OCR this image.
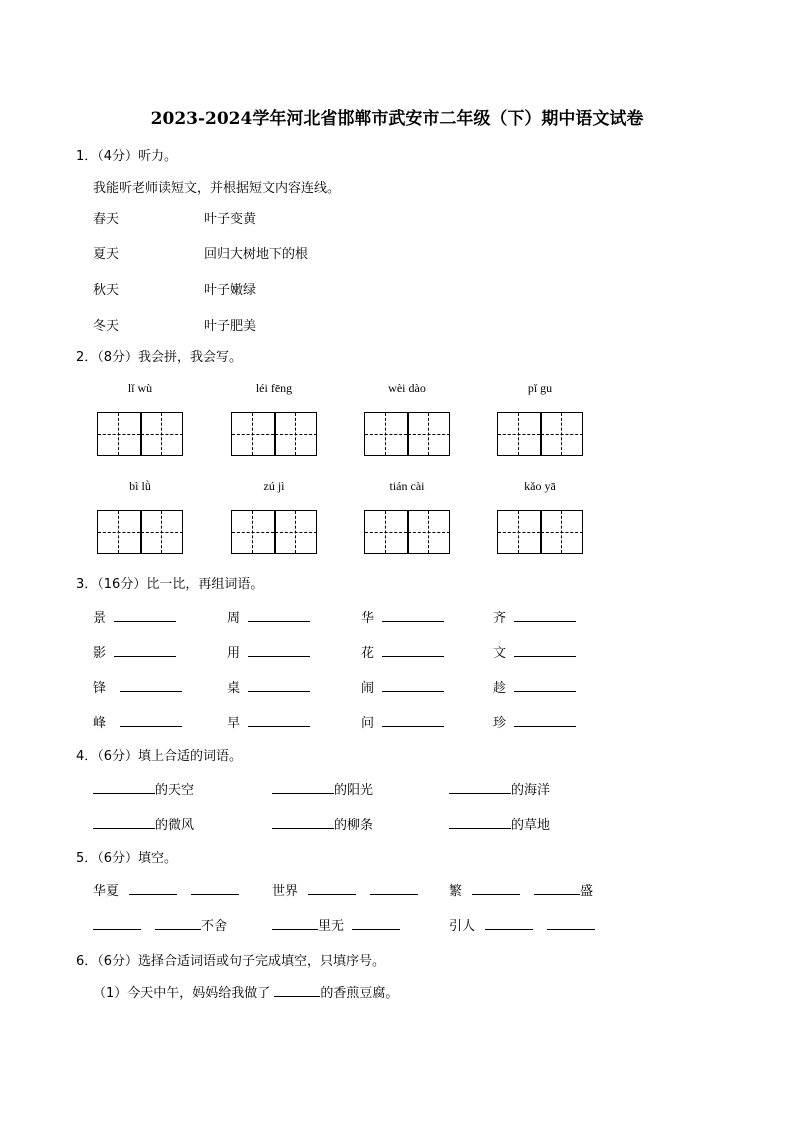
2023-2024学年河北省邯郸市武安市二年级（下）期中语文试卷
1．（4分）听力。
我能听老师读短文，并根据短文内容连线。
春天	叶子变黄
夏天	回归大树地下的根
秋天	叶子嫩绿
冬天	叶子肥美
2．（8分）我会拼，我会写。
lǐ wù	léi fēng	wèi dào	pǐ gu
bì lǜ	zú jì	tián cài	kǎo yā
3．（16分）比一比，再组词语。
景	周	华	齐
影	用	花	文
锋	桌	闹	趁
峰	早	问	珍
4．（6分）填上合适的词语。
的天空	的阳光	的海洋
的微风	的柳条	的草地
5．（6分）填空。
华夏	世界	繁	盛
不舍	里无	引人
6．（6分）选择合适词语或句子完成填空，只填序号。
（1）今天中午，妈妈给我做了	的香煎豆腐。
